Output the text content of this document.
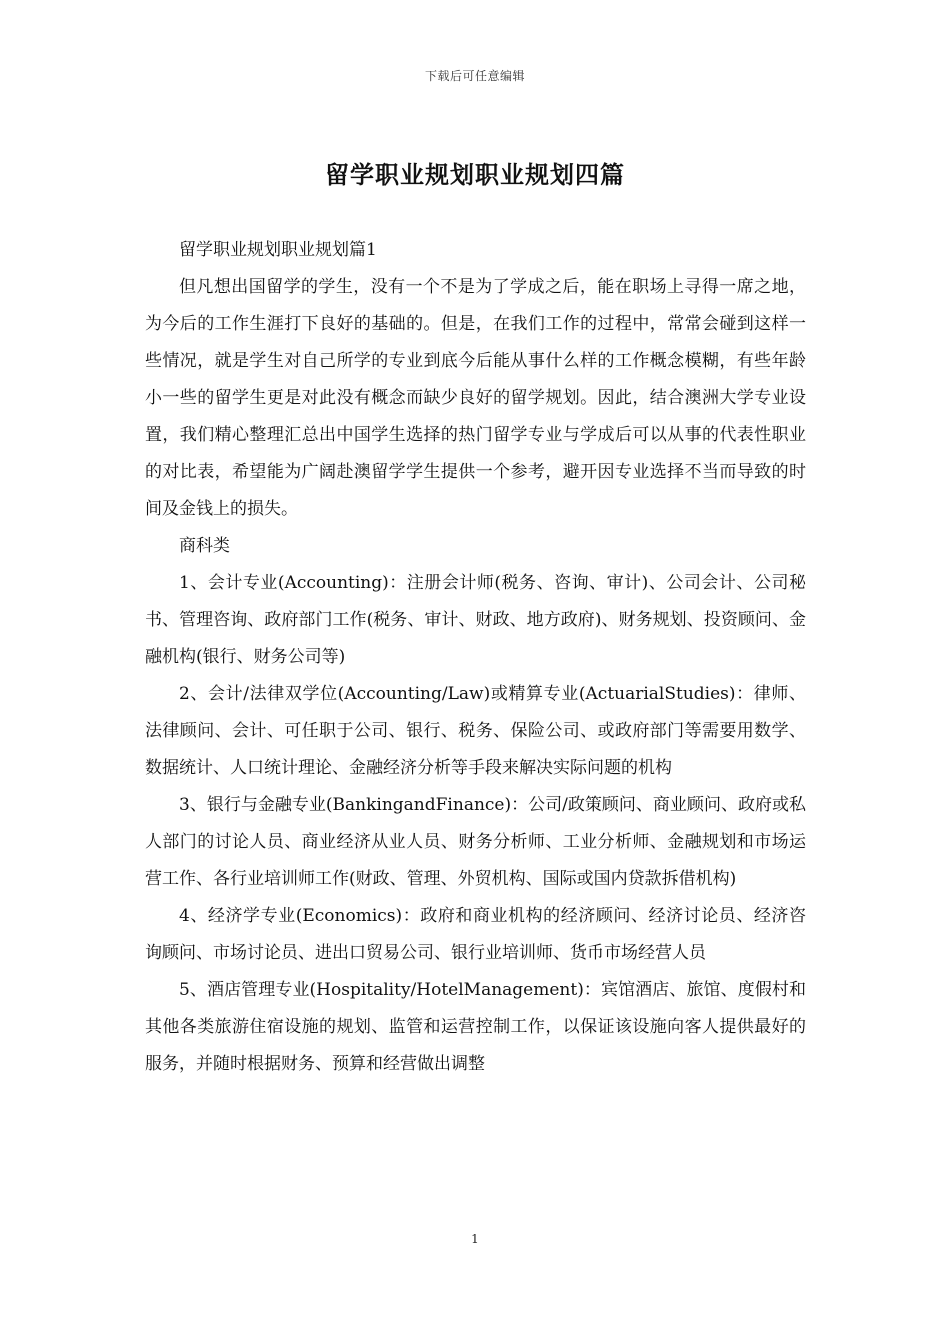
下载后可任意编辑
留学职业规划职业规划四篇

留学职业规划职业规划篇1

但凡想出国留学的学生，没有一个不是为了学成之后，能在职场上寻得一席之地，为今后的工作生涯打下良好的基础的。但是，在我们工作的过程中，常常会碰到这样一些情况，就是学生对自己所学的专业到底今后能从事什么样的工作概念模糊，有些年龄小一些的留学生更是对此没有概念而缺少良好的留学规划。因此，结合澳洲大学专业设置，我们精心整理汇总出中国学生选择的热门留学专业与学成后可以从事的代表性职业的对比表，希望能为广阔赴澳留学学生提供一个参考，避开因专业选择不当而导致的时间及金钱上的损失。

商科类

1、会计专业(Accounting)：注册会计师(税务、咨询、审计)、公司会计、公司秘书、管理咨询、政府部门工作(税务、审计、财政、地方政府)、财务规划、投资顾问、金融机构(银行、财务公司等)

2、会计/法律双学位(Accounting/Law)或精算专业(ActuarialStudies)：律师、法律顾问、会计、可任职于公司、银行、税务、保险公司、或政府部门等需要用数学、数据统计、人口统计理论、金融经济分析等手段来解决实际问题的机构

3、银行与金融专业(BankingandFinance)：公司/政策顾问、商业顾问、政府或私人部门的讨论人员、商业经济从业人员、财务分析师、工业分析师、金融规划和市场运营工作、各行业培训师工作(财政、管理、外贸机构、国际或国内贷款拆借机构)

4、经济学专业(Economics)：政府和商业机构的经济顾问、经济讨论员、经济咨询顾问、市场讨论员、进出口贸易公司、银行业培训师、货币市场经营人员

5、酒店管理专业(Hospitality/HotelManagement)：宾馆酒店、旅馆、度假村和其他各类旅游住宿设施的规划、监管和运营控制工作，以保证该设施向客人提供最好的服务，并随时根据财务、预算和经营做出调整

1
